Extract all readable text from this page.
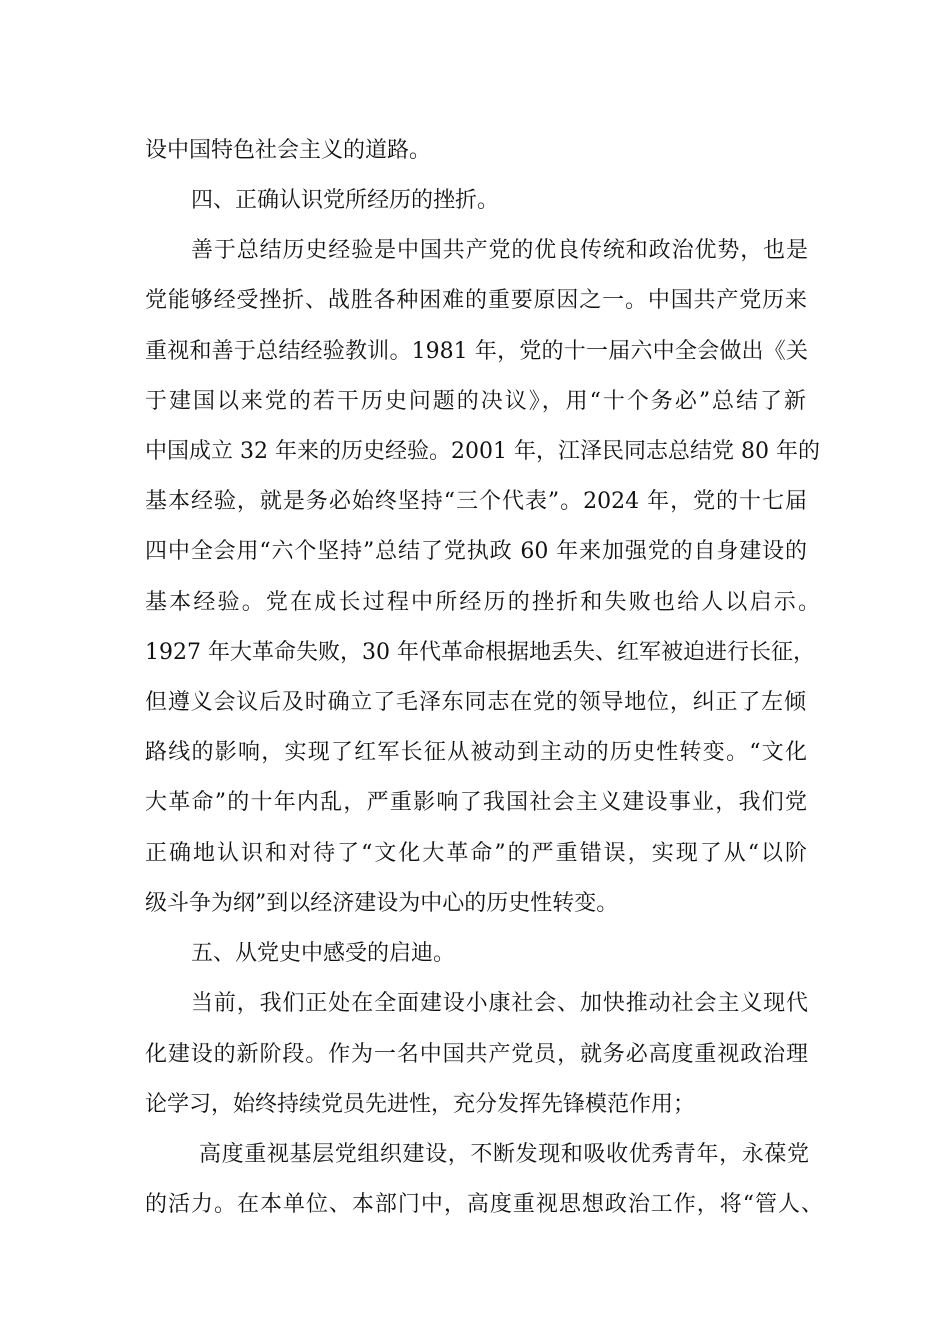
设中国特色社会主义的道路。
四、正确认识党所经历的挫折。
善于总结历史经验是中国共产党的优良传统和政治优势，也是
党能够经受挫折、战胜各种困难的重要原因之一。中国共产党历来
重视和善于总结经验教训。1981 年，党的十一届六中全会做出《关
于建国以来党的若干历史问题的决议》，用“十个务必”总结了新
中国成立 32 年来的历史经验。2001 年，江泽民同志总结党 80 年的
基本经验，就是务必始终坚持“三个代表”。2024 年，党的十七届
四中全会用“六个坚持”总结了党执政 60 年来加强党的自身建设的
基本经验。党在成长过程中所经历的挫折和失败也给人以启示。
1927 年大革命失败，30 年代革命根据地丢失、红军被迫进行长征，
但遵义会议后及时确立了毛泽东同志在党的领导地位，纠正了左倾
路线的影响，实现了红军长征从被动到主动的历史性转变。“文化
大革命”的十年内乱，严重影响了我国社会主义建设事业，我们党
正确地认识和对待了“文化大革命”的严重错误，实现了从“以阶
级斗争为纲”到以经济建设为中心的历史性转变。
五、从党史中感受的启迪。
当前，我们正处在全面建设小康社会、加快推动社会主义现代
化建设的新阶段。作为一名中国共产党员，就务必高度重视政治理
论学习，始终持续党员先进性，充分发挥先锋模范作用；
高度重视基层党组织建设，不断发现和吸收优秀青年，永葆党
的活力。在本单位、本部门中，高度重视思想政治工作，将“管人、
